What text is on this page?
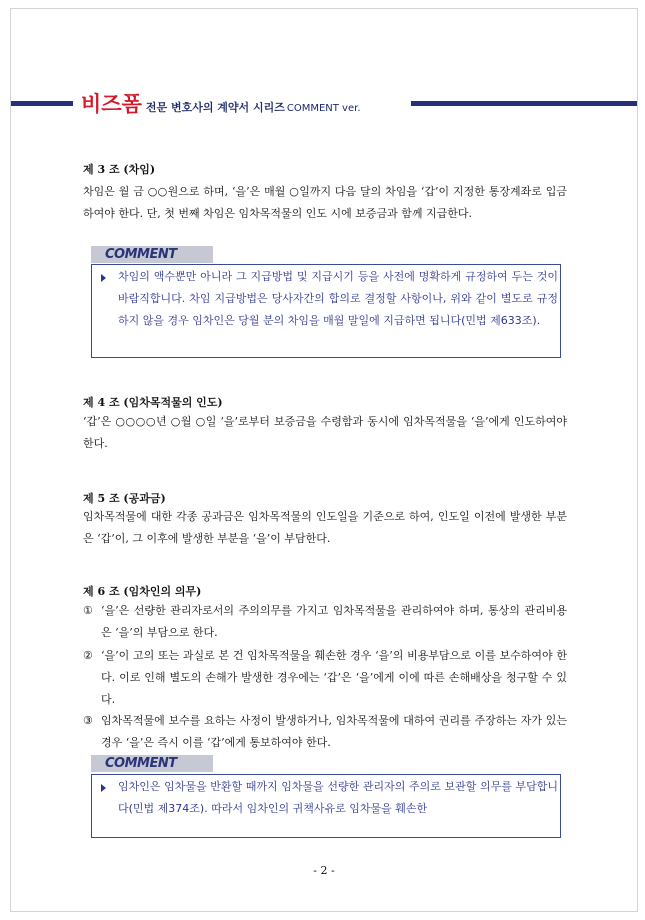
비즈폼 전문 변호사의 계약서 시리즈 COMMENT ver.
제 3 조 (차임)
차임은 월 금 ○○원으로 하며, ‘을’은 매월 ○일까지 다음 달의 차임을 ‘갑’이 지정한 통장계좌로 입금하여야 한다. 단, 첫 번째 차임은 임차목적물의 인도 시에 보증금과 함께 지급한다.
COMMENT
차임의 액수뿐만 아니라 그 지급방법 및 지급시기 등을 사전에 명확하게 규정하여 두는 것이 바람직합니다. 차임 지급방법은 당사자간의 합의로 결정할 사항이나, 위와 같이 별도로 규정하지 않을 경우 임차인은 당월 분의 차임을 매월 말일에 지급하면 됩니다(민법 제633조).
제 4 조 (임차목적물의 인도)
‘갑’은 ○○○○년 ○월 ○일 ‘을’로부터 보증금을 수령함과 동시에 임차목적물을 ‘을’에게 인도하여야 한다.
제 5 조 (공과금)
임차목적물에 대한 각종 공과금은 임차목적물의 인도일을 기준으로 하여, 인도일 이전에 발생한 부분은 ‘갑’이, 그 이후에 발생한 부분을 ‘을’이 부담한다.
제 6 조 (임차인의 의무)
① ‘을’은 선량한 관리자로서의 주의의무를 가지고 임차목적물을 관리하여야 하며, 통상의 관리비용은 ‘을’의 부담으로 한다.
② ‘을’이 고의 또는 과실로 본 건 임차목적물을 훼손한 경우 ‘을’의 비용부담으로 이를 보수하여야 한다. 이로 인해 별도의 손해가 발생한 경우에는 ‘갑’은 ‘을’에게 이에 따른 손해배상을 청구할 수 있다.
③ 임차목적물에 보수를 요하는 사정이 발생하거나, 임차목적물에 대하여 권리를 주장하는 자가 있는 경우 ‘을’은 즉시 이를 ‘갑’에게 통보하여야 한다.
COMMENT
임차인은 임차물을 반환할 때까지 임차물을 선량한 관리자의 주의로 보관할 의무를 부담합니다(민법 제374조). 따라서 임차인의 귀책사유로 임차물을 훼손한
- 2 -
